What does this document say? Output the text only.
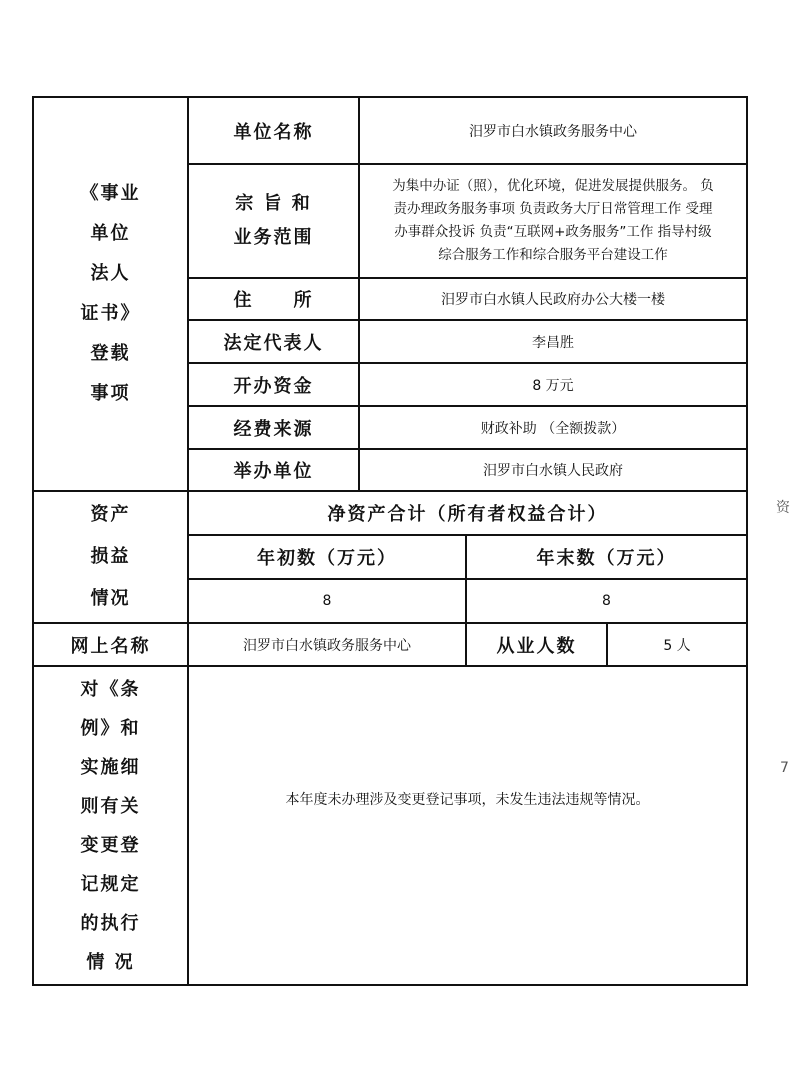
《事业
单位
法人
证书》
登载
事项
单位名称	汨罗市白水镇政务服务中心
宗 旨 和
业务范围
为集中办证（照），优化环境，促进发展提供服务。 负
责办理政务服务事项 负责政务大厅日常管理工作 受理
办事群众投诉 负责“互联网+政务服务”工作 指导村级
综合服务工作和综合服务平台建设工作
住　　所	汨罗市白水镇人民政府办公大楼一楼
法定代表人	李昌胜
开办资金	8 万元
经费来源	财政补助 （全额拨款）
举办单位	汨罗市白水镇人民政府
资产
损益
情况
净资产合计（所有者权益合计）
年初数（万元）	年末数（万元）
8	8
网上名称	汨罗市白水镇政务服务中心	从业人数	5 人
对《条
例》和
实施细
则有关
变更登
记规定
的执行
情 况
本年度未办理涉及变更登记事项，未发生违法违规等情况。
资
7
